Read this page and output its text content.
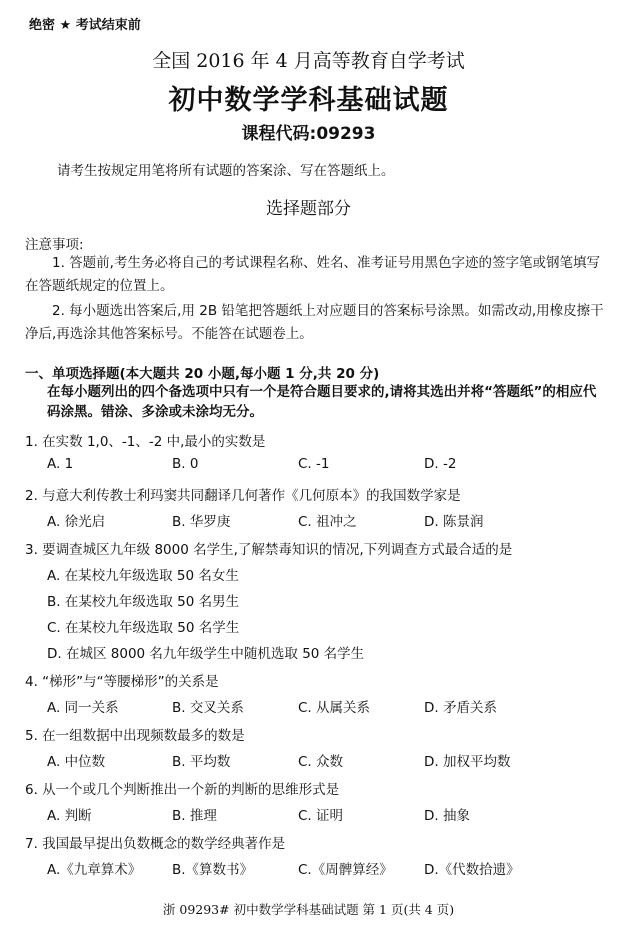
绝密 ★ 考试结束前
全国 2016 年 4 月高等教育自学考试
初中数学学科基础试题
课程代码:09293
请考生按规定用笔将所有试题的答案涂、写在答题纸上。
选择题部分
注意事项:
1. 答题前,考生务必将自己的考试课程名称、姓名、准考证号用黑色字迹的签字笔或钢笔填写在答题纸规定的位置上。
2. 每小题选出答案后,用 2B 铅笔把答题纸上对应题目的答案标号涂黑。如需改动,用橡皮擦干净后,再选涂其他答案标号。不能答在试题卷上。
一、单项选择题(本大题共 20 小题,每小题 1 分,共 20 分)
在每小题列出的四个备选项中只有一个是符合题目要求的,请将其选出并将“答题纸”的相应代码涂黑。错涂、多涂或未涂均无分。
1. 在实数 1,0、-1、-2 中,最小的实数是
A. 1	B. 0	C. -1	D. -2
2. 与意大利传教士利玛窦共同翻译几何著作《几何原本》的我国数学家是
A. 徐光启	B. 华罗庚	C. 祖冲之	D. 陈景润
3. 要调查城区九年级 8000 名学生,了解禁毒知识的情况,下列调查方式最合适的是
A. 在某校九年级选取 50 名女生
B. 在某校九年级选取 50 名男生
C. 在某校九年级选取 50 名学生
D. 在城区 8000 名九年级学生中随机选取 50 名学生
4. “梯形”与“等腰梯形”的关系是
A. 同一关系	B. 交叉关系	C. 从属关系	D. 矛盾关系
5. 在一组数据中出现频数最多的数是
A. 中位数	B. 平均数	C. 众数	D. 加权平均数
6. 从一个或几个判断推出一个新的判断的思维形式是
A. 判断	B. 推理	C. 证明	D. 抽象
7. 我国最早提出负数概念的数学经典著作是
A.《九章算术》 B.《算数书》	C.《周髀算经》 D.《代数拾遗》
浙 09293# 初中数学学科基础试题 第 1 页(共 4 页)
